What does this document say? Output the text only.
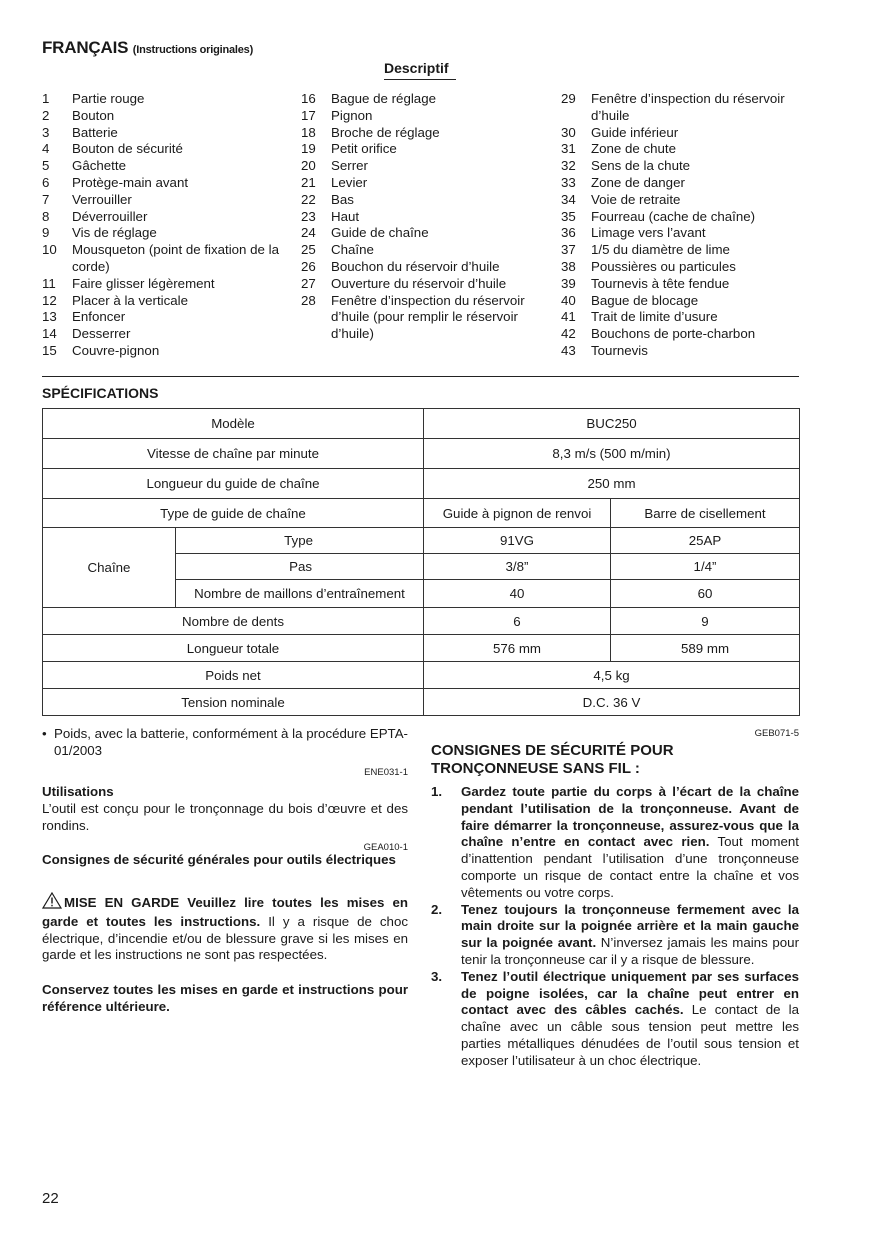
FRANÇAIS (Instructions originales)
Descriptif
1	Partie rouge
2	Bouton
3	Batterie
4	Bouton de sécurité
5	Gâchette
6	Protège-main avant
7	Verrouiller
8	Déverrouiller
9	Vis de réglage
10	Mousqueton (point de fixation de la corde)
11	Faire glisser légèrement
12	Placer à la verticale
13	Enfoncer
14	Desserrer
15	Couvre-pignon
16	Bague de réglage
17	Pignon
18	Broche de réglage
19	Petit orifice
20	Serrer
21	Levier
22	Bas
23	Haut
24	Guide de chaîne
25	Chaîne
26	Bouchon du réservoir d’huile
27	Ouverture du réservoir d’huile
28	Fenêtre d’inspection du réservoir d’huile (pour remplir le réservoir d’huile)
29	Fenêtre d’inspection du réservoir d’huile
30	Guide inférieur
31	Zone de chute
32	Sens de la chute
33	Zone de danger
34	Voie de retraite
35	Fourreau (cache de chaîne)
36	Limage vers l’avant
37	1/5 du diamètre de lime
38	Poussières ou particules
39	Tournevis à tête fendue
40	Bague de blocage
41	Trait de limite d’usure
42	Bouchons de porte-charbon
43	Tournevis
SPÉCIFICATIONS
Modèle		BUC250	
Vitesse de chaîne par minute		8,3 m/s (500 m/min)	
Longueur du guide de chaîne		250 mm	
Type de guide de chaîne		Guide à pignon de renvoi	Barre de cisellement
Chaîne	Type	91VG	25AP
	Pas	3/8”	1/4”
	Nombre de maillons d’entraînement	40	60
Nombre de dents		6	9
Longueur totale		576 mm	589 mm
Poids net		4,5 kg	
Tension nominale		D.C. 36 V	
• Poids, avec la batterie, conformément à la procédure EPTA-01/2003
ENE031-1
Utilisations
L’outil est conçu pour le tronçonnage du bois d’œuvre et des rondins.
GEA010-1
Consignes de sécurité générales pour outils électriques
MISE EN GARDE Veuillez lire toutes les mises en garde et toutes les instructions. Il y a risque de choc électrique, d’incendie et/ou de blessure grave si les mises en garde et les instructions ne sont pas respectées.
Conservez toutes les mises en garde et instructions pour référence ultérieure.
GEB071-5
CONSIGNES DE SÉCURITÉ POUR TRONÇONNEUSE SANS FIL :
1.	Gardez toute partie du corps à l’écart de la chaîne pendant l’utilisation de la tronçonneuse. Avant de faire démarrer la tronçonneuse, assurez-vous que la chaîne n’entre en contact avec rien. Tout moment d’inattention pendant l’utilisation d’une tronçonneuse comporte un risque de contact entre la chaîne et vos vêtements ou votre corps.
2.	Tenez toujours la tronçonneuse fermement avec la main droite sur la poignée arrière et la main gauche sur la poignée avant. N’inversez jamais les mains pour tenir la tronçonneuse car il y a risque de blessure.
3.	Tenez l’outil électrique uniquement par ses surfaces de poigne isolées, car la chaîne peut entrer en contact avec des câbles cachés. Le contact de la chaîne avec un câble sous tension peut mettre les parties métalliques dénudées de l’outil sous tension et exposer l’utilisateur à un choc électrique.
22
